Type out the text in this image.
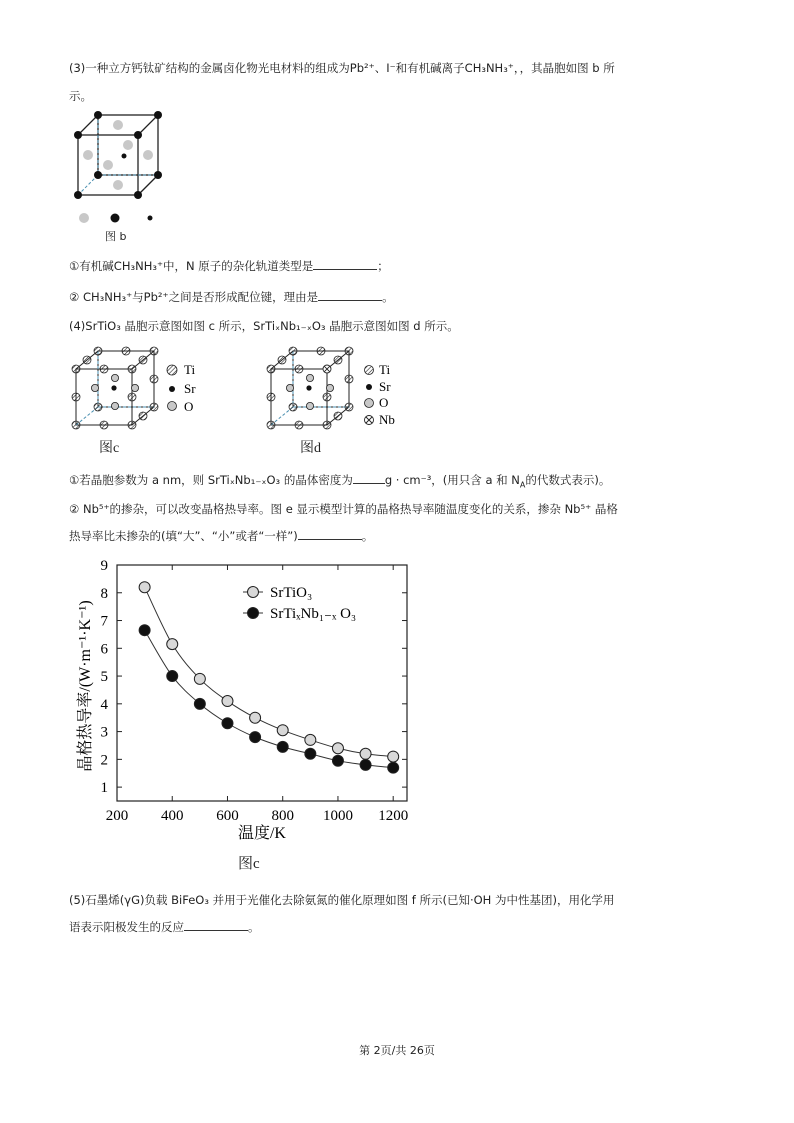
(3)一种立方钙钛矿结构的金属卤化物光电材料的组成为Pb²⁺、I⁻和有机碱离子CH₃NH₃⁺，，其晶胞如图 b 所
示。
图 b
①有机碱CH₃NH₃⁺中，N 原子的杂化轨道类型是	；
② CH₃NH₃⁺与Pb²⁺之间是否形成配位键，理由是	。
(4)SrTiO₃ 晶胞示意图如图 c 所示，SrTiₓNb₁₋ₓO₃ 晶胞示意图如图 d 所示。
Ti
Sr
O
图c
Ti
Sr
O
Nb
图d
①若晶胞参数为 a nm，则 SrTiₓNb₁₋ₓO₃ 的晶体密度为	g · cm⁻³，(用只含 a 和 $N_A$的代数式表示)。
② Nb⁵⁺的掺杂，可以改变晶格热导率。图 e 显示模型计算的晶格热导率随温度变化的关系，掺杂 Nb⁵⁺ 晶格
热导率比未掺杂的(填“大”、“小”或者“一样”)	。
200 400 600 800 1000 1200
1
2
3
4
5
6
7
8
9
SrTiO₃
SrTiₓNb₁₋ₓ O₃
晶格热导率/(W·m⁻¹·K⁻¹)
温度/K
图c
(5)石墨烯(γG)负载 BiFeO₃ 并用于光催化去除氨氮的催化原理如图 f 所示(已知·OH 为中性基团)，用化学用
语表示阳极发生的反应	。
第 2页/共 26页
